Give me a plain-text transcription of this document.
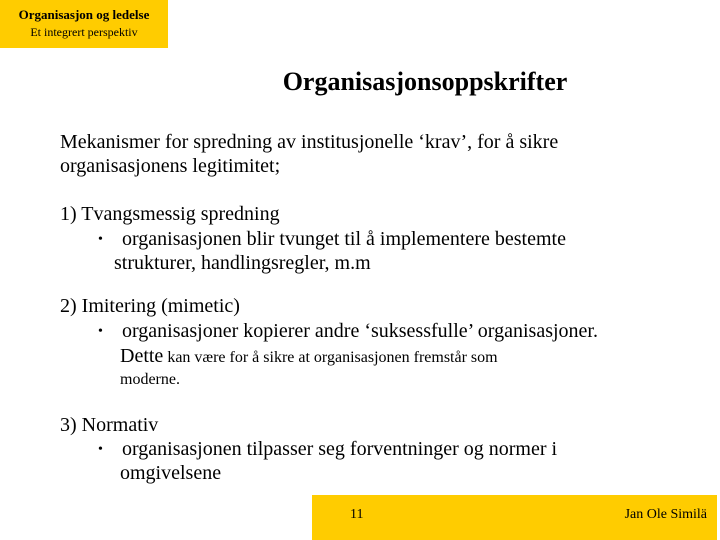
Organisasjon og ledelse
Et integrert perspektiv
Organisasjonsoppskrifter
Mekanismer for spredning av institusjonelle ‘krav’, for å sikre
organisasjonens legitimitet;
1) Tvangsmessig spredning
• organisasjonen blir tvunget til å implementere bestemte
strukturer, handlingsregler, m.m
2) Imitering (mimetic)
• organisasjoner kopierer andre ‘suksessfulle’ organisasjoner.
Dette kan være for å sikre at organisasjonen fremstår som
moderne.
3) Normativ
• organisasjonen tilpasser seg forventninger og normer i
omgivelsene
11	Jan Ole Similä
